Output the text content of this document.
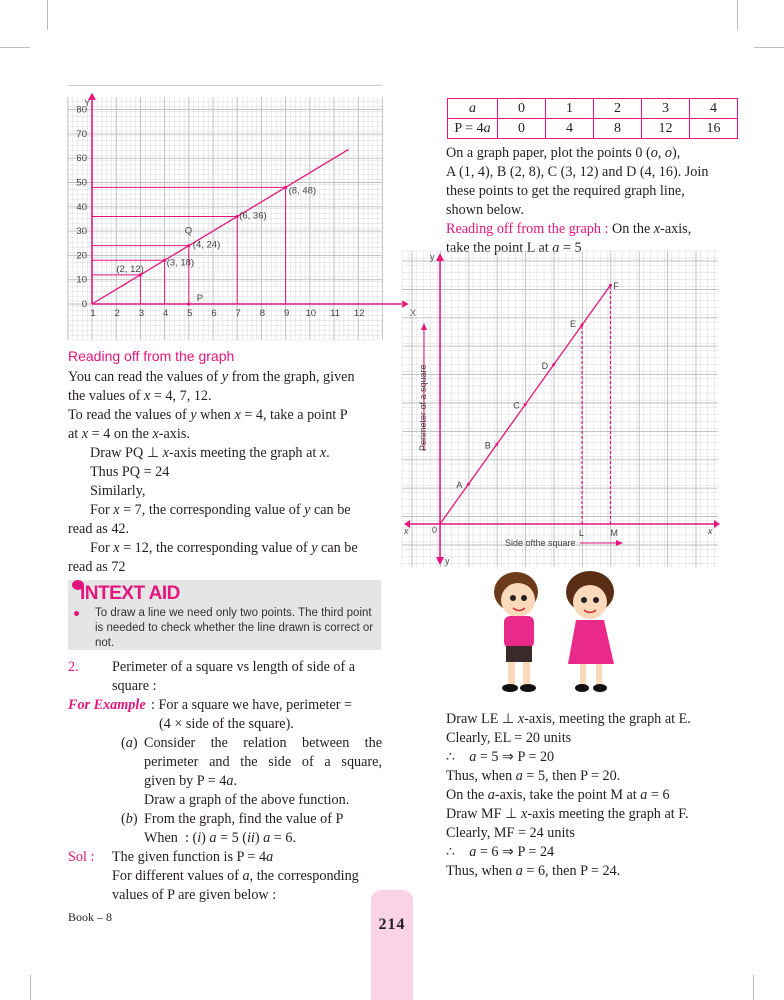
1 2 3 4 5 6 7 8 9 10 11 12
0
10
20
30
40
50
60
70
80
X
Y
(2, 12)
(3, 18)
(4, 24)
(6, 36)
(8, 48)
Q
P
Reading off from the graph
You can read the values of y from the graph, given
the values of x = 4, 7, 12.
To read the values of y when x = 4, take a point P
at x = 4 on the x-axis.
Draw PQ ⊥ x-axis meeting the graph at x.
Thus PQ = 24
Similarly,
For x = 7, the corresponding value of y can be
read as 42.
For x = 12, the corresponding value of y can be
read as 72
INTEXT AID
To draw a line we need only two points. The third point is needed to check whether the line drawn is correct or not.
2. Perimeter of a square vs length of side of a
square :
For Example : For a square we have, perimeter =
(4 × side of the square).
(a) Consider the relation between the
perimeter and the side of a square,
given by P = 4a.
Draw a graph of the above function.
(b) From the graph, find the value of P
When  : (i) a = 5 (ii) a = 6.
Sol : The given function is P = 4a
For different values of a, the corresponding
values of P are given below :
a	0	1	2	3	4
P = 4a	0	4	8	12	16
On a graph paper, plot the points 0 (o, o),
A (1, 4), B (2, 8), C (3, 12) and D (4, 16). Join
these points to get the required graph line,
shown below.
Reading off from the graph : On the x-axis,
take the point L at a = 5
y
y
x	x
0
Perimeter of a square
Side ofthe square
A
B
C
D
E
F
L	M
Draw LE ⊥ x-axis, meeting the graph at E.
Clearly, EL = 20 units
∴    a = 5 ⇒ P = 20
Thus, when a = 5, then P = 20.
On the a-axis, take the point M at a = 6
Draw MF ⊥ x-axis meeting the graph at F.
Clearly, MF = 24 units
∴    a = 6 ⇒ P = 24
Thus, when a = 6, then P = 24.
Book – 8	214
